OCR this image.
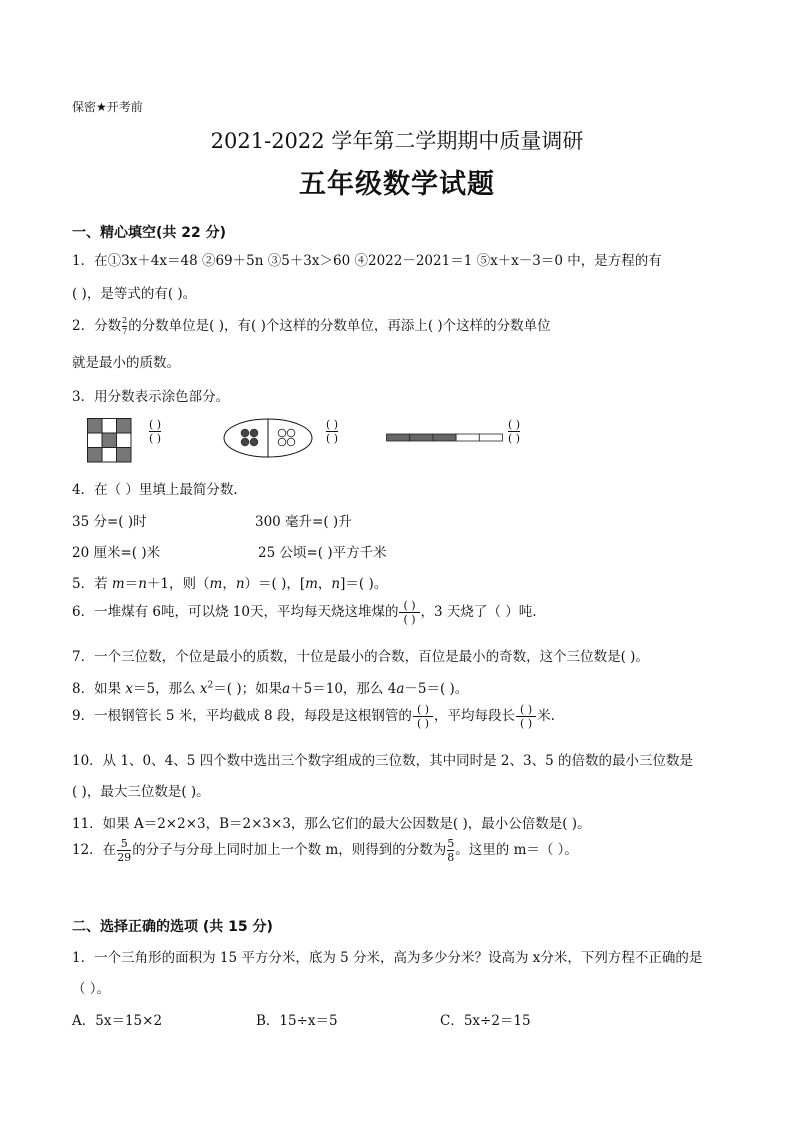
保密★开考前
2021-2022 学年第二学期期中质量调研
五年级数学试题
一、精心填空(共 22 分)
1．在①3x＋4x＝48 ②69＋5n ③5＋3x＞60 ④2022－2021＝1 ⑤x＋x－3＝0 中，是方程的有
( )，是等式的有( )。
2．分数 $\frac{2}{7}$ 的分数单位是( )，有( )个这样的分数单位，再添上( )个这样的分数单位
就是最小的质数。
3．用分数表示涂色部分。
( )
( )
( )
( )
( )
( )
4．在（ ）里填上最简分数.
35 分=( )时	300 毫升=( )升
20 厘米=( )米	25 公顷=( )平方千米
5．若 m＝n＋1，则（m，n）＝( )，[m，n]＝( )。
6．一堆煤有 6吨，可以烧 10天，平均每天烧这堆煤的 $\frac{( )}{( )}$ ，3 天烧了（ ）吨.
7．一个三位数，个位是最小的质数，十位是最小的合数，百位是最小的奇数，这个三位数是( )。
8．如果 x＝5，那么 $x^2=$( )；如果a＋5＝10，那么 4a－5＝( )。
9．一根钢管长 5 米，平均截成 8 段，每段是这根钢管的 $\frac{( )}{( )}$ ，平均每段长 $\frac{( )}{( )}$ 米.
10．从 1、0、4、5 四个数中选出三个数字组成的三位数，其中同时是 2、3、5 的倍数的最小三位数是
( )，最大三位数是( )。
11．如果 A＝2×2×3，B＝2×3×3，那么它们的最大公因数是( )，最小公倍数是( )。
12．在 $\frac{5}{29}$ 的分子与分母上同时加上一个数 m，则得到的分数为 $\frac{5}{8}$ 。这里的 m＝（ ）。
二、选择正确的选项 (共 15 分)
1．一个三角形的面积为 15 平方分米，底为 5 分米，高为多少分米？设高为 x分米，下列方程不正确的是
（ ）。
A．5x＝15×2	B．15÷x＝5	C．5x÷2＝15
